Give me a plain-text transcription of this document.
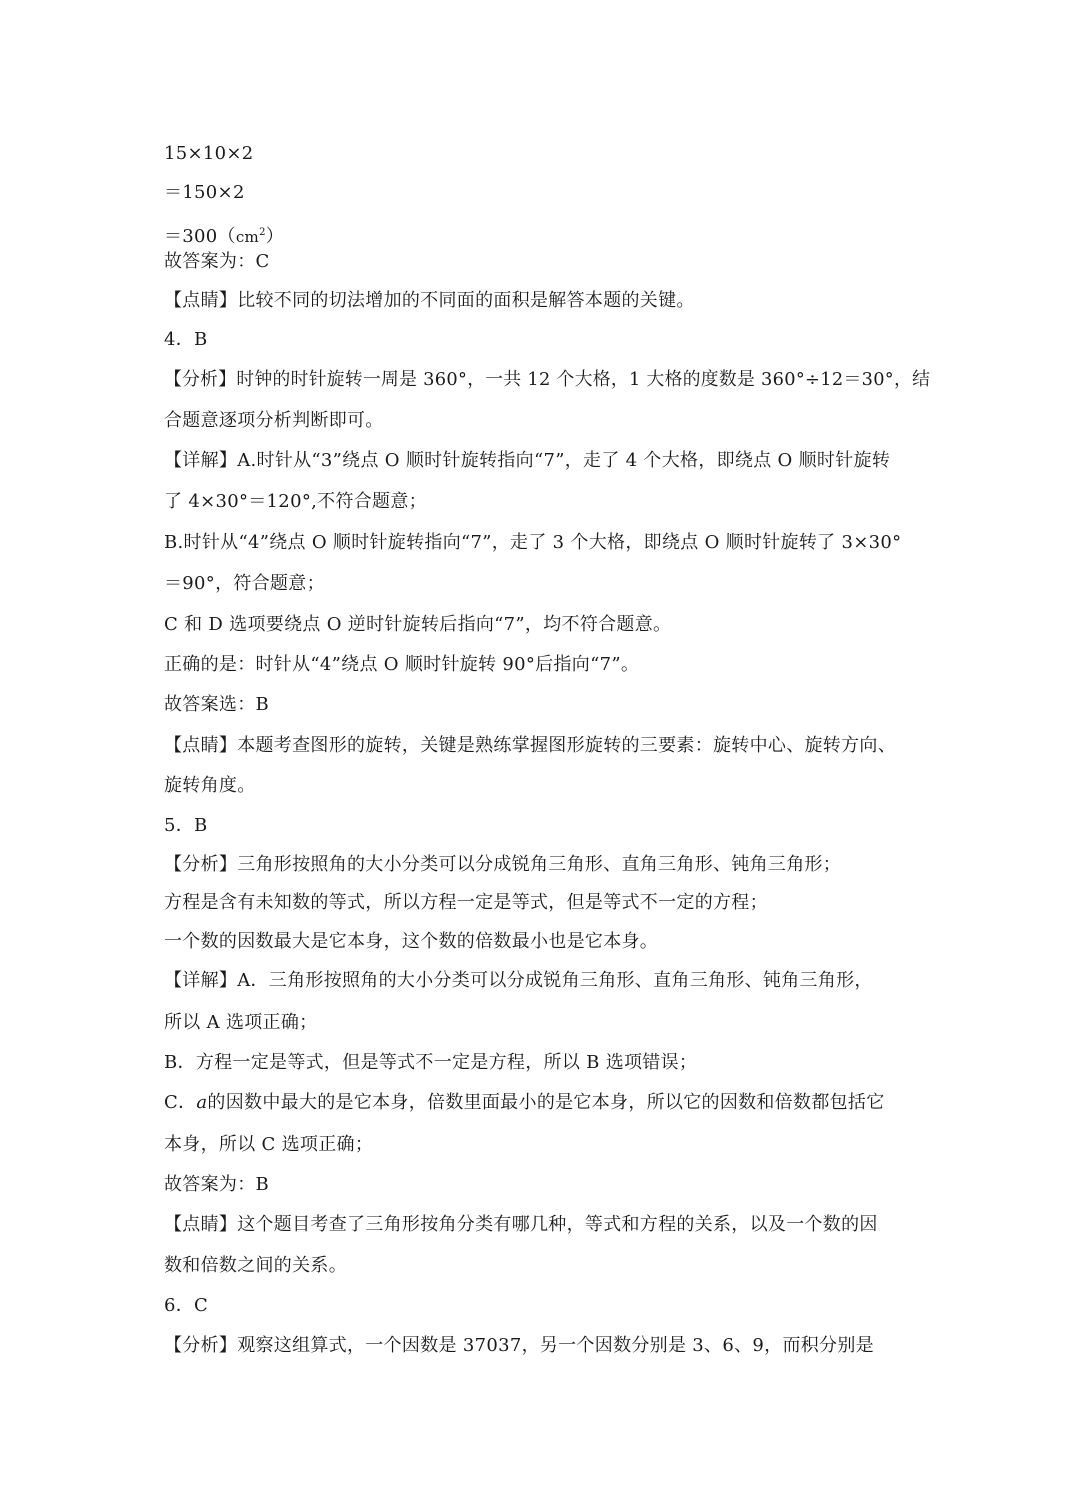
15×10×2
＝150×2
$=300(cm^2)$
故答案为：C
【点睛】比较不同的切法增加的不同面的面积是解答本题的关键。
4．B
【分析】时钟的时针旋转一周是 360°，一共 12 个大格，1 大格的度数是 360°÷12＝30°，结
合题意逐项分析判断即可。
【详解】A.时针从“3”绕点 O 顺时针旋转指向“7”，走了 4 个大格，即绕点 O 顺时针旋转
了 4×30°＝120°,不符合题意；
B.时针从“4”绕点 O 顺时针旋转指向“7”，走了 3 个大格，即绕点 O 顺时针旋转了 3×30°
＝90°，符合题意；
C 和 D 选项要绕点 O 逆时针旋转后指向“7”，均不符合题意。
正确的是：时针从“4”绕点 O 顺时针旋转 90°后指向“7”。
故答案选：B
【点睛】本题考查图形的旋转，关键是熟练掌握图形旋转的三要素：旋转中心、旋转方向、
旋转角度。
5．B
【分析】三角形按照角的大小分类可以分成锐角三角形、直角三角形、钝角三角形；
方程是含有未知数的等式，所以方程一定是等式，但是等式不一定的方程；
一个数的因数最大是它本身，这个数的倍数最小也是它本身。
【详解】A．三角形按照角的大小分类可以分成锐角三角形、直角三角形、钝角三角形，
所以 A 选项正确；
B．方程一定是等式，但是等式不一定是方程，所以 B 选项错误；
C．a的因数中最大的是它本身，倍数里面最小的是它本身，所以它的因数和倍数都包括它
本身，所以 C 选项正确；
故答案为：B
【点睛】这个题目考查了三角形按角分类有哪几种，等式和方程的关系，以及一个数的因
数和倍数之间的关系。
6．C
【分析】观察这组算式，一个因数是 37037，另一个因数分别是 3、6、9，而积分别是
